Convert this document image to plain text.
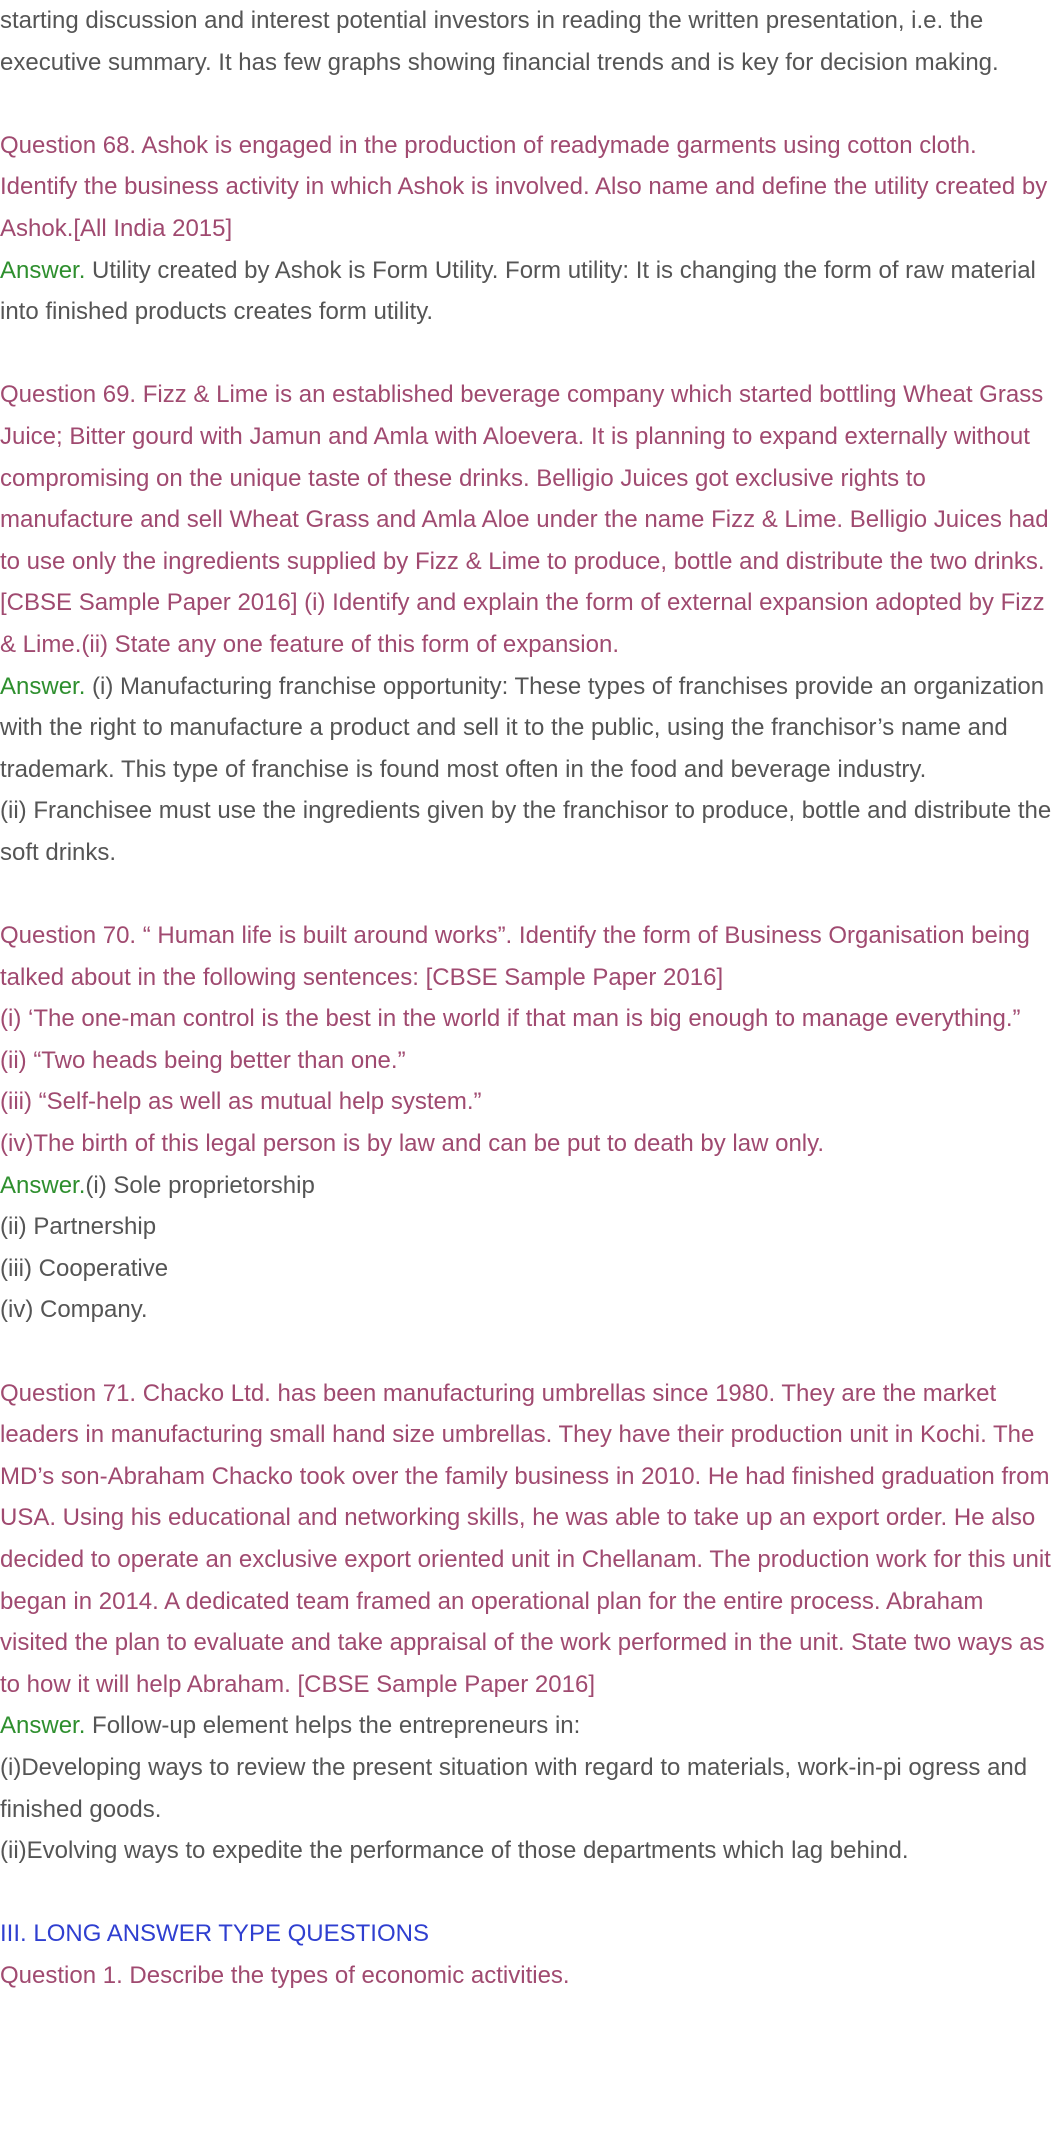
starting discussion and interest potential investors in reading the written presentation, i.e. the
executive summary. It has few graphs showing financial trends and is key for decision making.

Question 68. Ashok is engaged in the production of readymade garments using cotton cloth. Identify the business activity in which Ashok is involved. Also name and define the utility created by Ashok.[All India 2015]

Answer. Utility created by Ashok is Form Utility. Form utility: It is changing the form of raw material into finished products creates form utility.

Question 69. Fizz & Lime is an established beverage company which started bottling Wheat Grass Juice; Bitter gourd with Jamun and Amla with Aloevera. It is planning to expand externally without compromising on the unique taste of these drinks. Belligio Juices got exclusive rights to manufacture and sell Wheat Grass and Amla Aloe under the name Fizz & Lime. Belligio Juices had to use only the ingredients supplied by Fizz & Lime to produce, bottle and distribute the two drinks. [CBSE Sample Paper 2016] (i) Identify and explain the form of external expansion adopted by Fizz & Lime.(ii) State any one feature of this form of expansion.

Answer. (i) Manufacturing franchise opportunity: These types of franchises provide an organization with the right to manufacture a product and sell it to the public, using the franchisor’s name and trademark. This type of franchise is found most often in the food and beverage industry.

(ii) Franchisee must use the ingredients given by the franchisor to produce, bottle and distribute the soft drinks.

Question 70. “ Human life is built around works”. Identify the form of Business Organisation being talked about in the following sentences: [CBSE Sample Paper 2016]

(i) ‘The one-man control is the best in the world if that man is big enough to manage everything.”

(ii) “Two heads being better than one.”

(iii) “Self-help as well as mutual help system.”

(iv)The birth of this legal person is by law and can be put to death by law only.

Answer.(i) Sole proprietorship

(ii) Partnership

(iii) Cooperative

(iv) Company.

Question 71. Chacko Ltd. has been manufacturing umbrellas since 1980. They are the market leaders in manufacturing small hand size umbrellas. They have their production unit in Kochi. The MD’s son-Abraham Chacko took over the family business in 2010. He had finished graduation from USA. Using his educational and networking skills, he was able to take up an export order. He also decided to operate an exclusive export oriented unit in Chellanam. The production work for this unit began in 2014. A dedicated team framed an operational plan for the entire process. Abraham visited the plan to evaluate and take appraisal of the work performed in the unit. State two ways as to how it will help Abraham. [CBSE Sample Paper 2016]

Answer. Follow-up element helps the entrepreneurs in:

(i)Developing ways to review the present situation with regard to materials, work-in-pi ogress and finished goods.

(ii)Evolving ways to expedite the performance of those departments which lag behind.

III. LONG ANSWER TYPE QUESTIONS

Question 1. Describe the types of economic activities.
